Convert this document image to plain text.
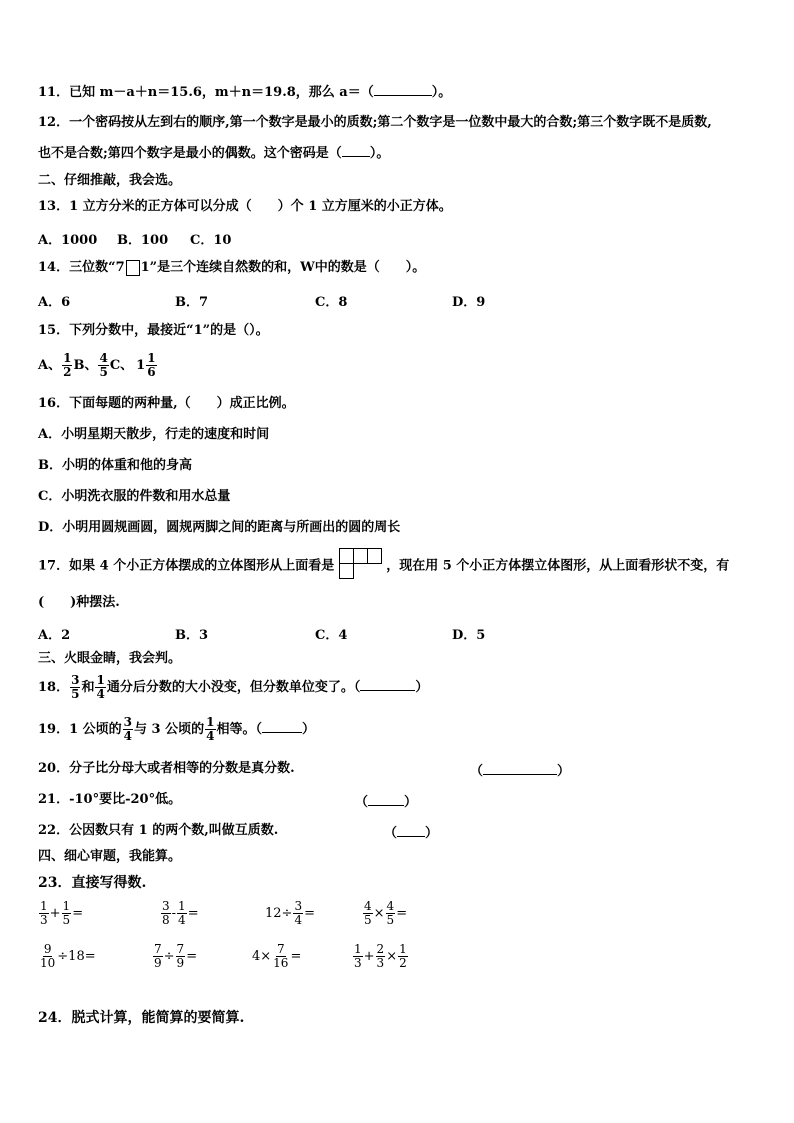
11．已知 m－a＋n＝15.6，m＋n＝19.8，那么 a＝（	）。
12．一个密码按从左到右的顺序,第一个数字是最小的质数;第二个数字是一位数中最大的合数;第三个数字既不是质数,
也不是合数;第四个数字是最小的偶数。这个密码是（ ）。
二、仔细推敲，我会选。
13．1 立方分米的正方体可以分成（　　）个 1 立方厘米的小正方体。
A．1000 B．100 C．10
14．三位数“7 1”是三个连续自然数的和，W中的数是（　　）。
A．6	B．7	C．8	D．9
15．下列分数中，最接近“1”的是（）。
A、 $\frac{1}{2}$ B、 $\frac{4}{5}$ C、 $1 \frac{1}{6}$
16．下面每题的两种量,（　　）成正比例。
A．小明星期天散步，行走的速度和时间
B．小明的体重和他的身高
C．小明洗衣服的件数和用水总量
D．小明用圆规画圆，圆规两脚之间的距离与所画出的圆的周长
17．如果 4 个小正方体摆成的立体图形从上面看是	，现在用 5 个小正方体摆立体图形，从上面看形状不变，有
(　　)种摆法.
A．2	B．3	C．4	D．5
三、火眼金睛，我会判。
18． $\frac{3}{5}$ 和 $\frac{1}{4}$ 通分后分数的大小没变，但分数单位变了。（	）
19．1 公顷的 $\frac{3}{4}$ 与 3 公顷的 $\frac{1}{4}$ 相等。（	）
20．分子比分母大或者相等的分数是真分数.	（	）
21．-10°要比-20°低。	（	）
22．公因数只有 1 的两个数,叫做互质数.	（ ）
四、细心审题，我能算。
23．直接写得数.
$\frac{1}{3} + \frac{1}{5}$ =	$\frac{3}{8} - \frac{1}{4}$ =	$12\div \frac{3}{4}$ =	$\frac{4}{5} \times \frac{4}{5}$ =
$\frac{9}{10} \div 18=$	$\frac{7}{9} \div \frac{7}{9}$ =	$4\times \frac{7}{16}$ =	$\frac{1}{3} + \frac{2}{3} \times \frac{1}{2}$
24．脱式计算，能简算的要简算.
